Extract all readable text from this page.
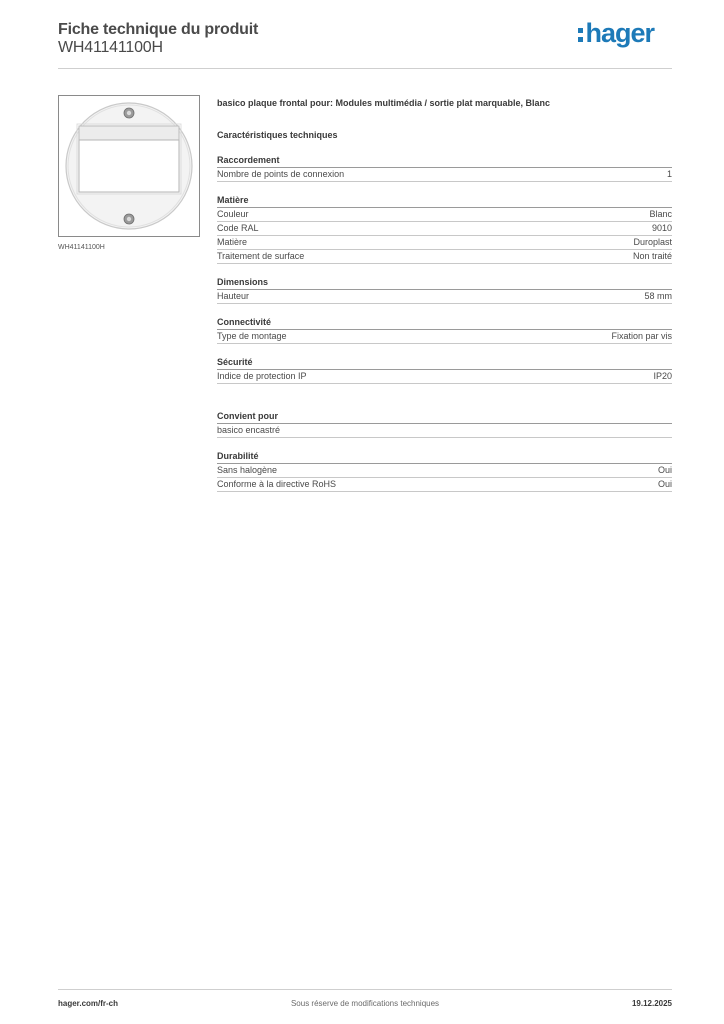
Fiche technique du produit
WH41141100H	hager
WH41141100H
basico plaque frontal pour: Modules multimédia / sortie plat marquable, Blanc
Caractéristiques techniques
Raccordement
Nombre de points de connexion	1
Matière
Couleur	Blanc
Code RAL	9010
Matière	Duroplast
Traitement de surface	Non traité
Dimensions
Hauteur	58 mm
Connectivité
Type de montage	Fixation par vis
Sécurité
Indice de protection IP	IP20
Convient pour
basico encastré
Durabilité
Sans halogène	Oui
Conforme à la directive RoHS	Oui
hager.com/fr-ch	Sous réserve de modifications techniques	19.12.2025
